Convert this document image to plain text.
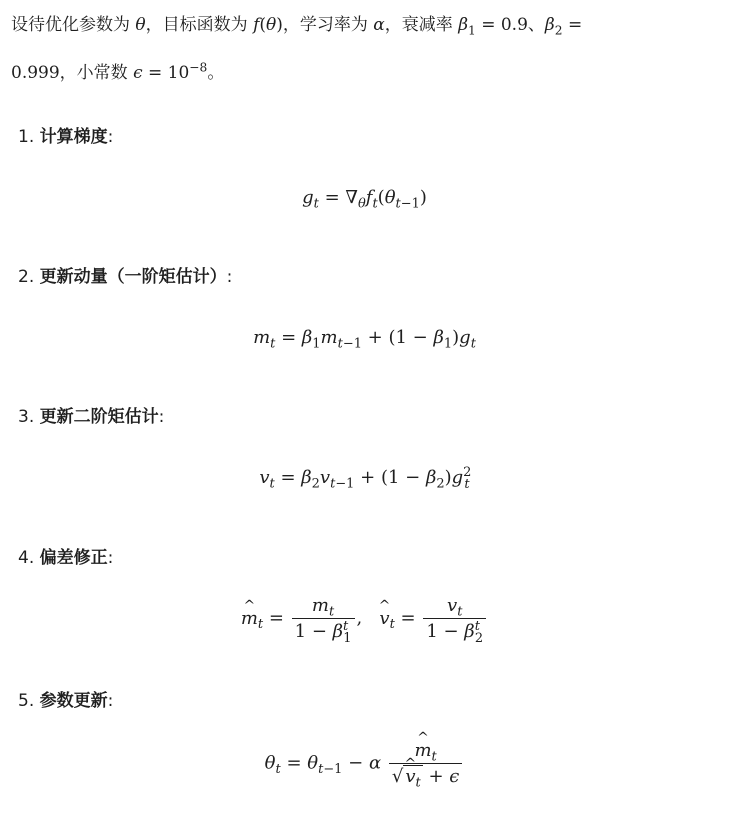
设待优化参数为 θ，目标函数为 f(θ)，学习率为 α，衰减率 $\beta_1 = 0.9$、$\beta_2$ =
0.999，小常数 $\epsilon = 10^{-8}$。
1. 计算梯度:
$g_t = \nabla_\theta f_t(\theta_{t-1})$
2. 更新动量（一阶矩估计）:
$m_t = \beta_1m_{t-1} + (1 - \beta_1)g_t$
3. 更新二阶矩估计:
$v_t = \beta_2v_{t-1} + (1 - \beta_2)g^2_t$
4. 偏差修正:
^ $m_t = \frac{m_t}{1 - \beta^t_1}$ ,   ^ $v_t = \frac{v_t}{1 - \beta^t_2}$
5. 参数更新:
$\theta_t = \theta_{t-1} - \alpha$ ^ $\frac{m_t}{√ \^{} v_t + \epsilon}$
